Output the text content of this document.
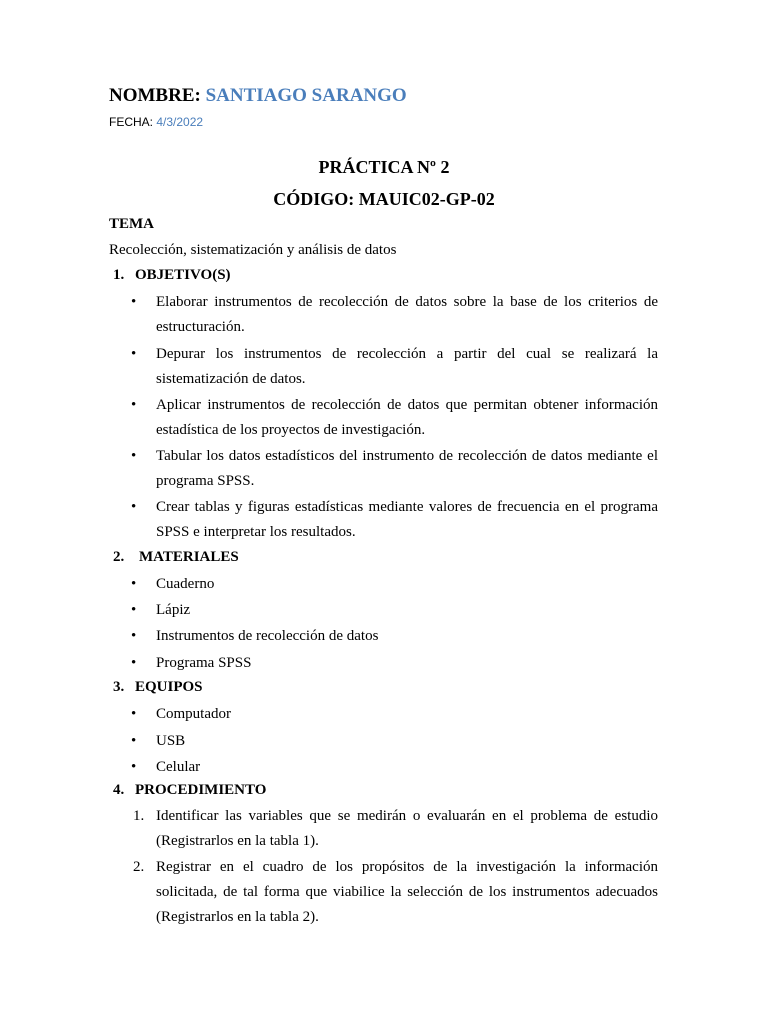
NOMBRE: SANTIAGO SARANGO
FECHA: 4/3/2022
PRÁCTICA Nº 2
CÓDIGO: MAUIC02-GP-02
TEMA
Recolección, sistematización y análisis de datos
1. OBJETIVO(S)
• Elaborar instrumentos de recolección de datos sobre la base de los criterios de estructuración.
• Depurar los instrumentos de recolección a partir del cual se realizará la sistematización de datos.
• Aplicar instrumentos de recolección de datos que permitan obtener información estadística de los proyectos de investigación.
• Tabular los datos estadísticos del instrumento de recolección de datos mediante el programa SPSS.
• Crear tablas y figuras estadísticas mediante valores de frecuencia en el programa SPSS e interpretar los resultados.
2. MATERIALES
• Cuaderno
• Lápiz
• Instrumentos de recolección de datos
• Programa SPSS
3. EQUIPOS
• Computador
• USB
• Celular
4. PROCEDIMIENTO
1. Identificar las variables que se medirán o evaluarán en el problema de estudio (Registrarlos en la tabla 1).
2. Registrar en el cuadro de los propósitos de la investigación la información solicitada, de tal forma que viabilice la selección de los instrumentos adecuados (Registrarlos en la tabla 2).
